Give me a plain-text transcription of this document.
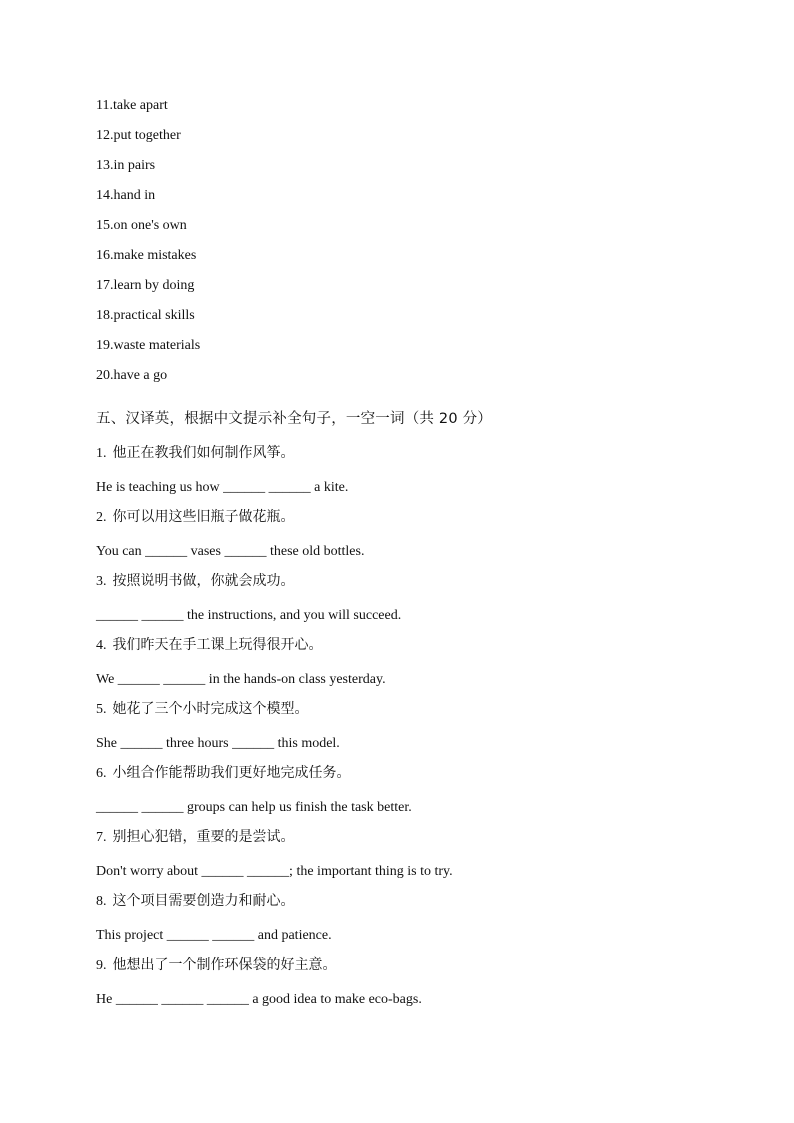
11.take apart
12.put together
13.in pairs
14.hand in
15.on one's own
16.make mistakes
17.learn by doing
18.practical skills
19.waste materials
20.have a go
五、汉译英，根据中文提示补全句子，一空一词（共 20 分）
1. 他正在教我们如何制作风筝。
He is teaching us how ______ ______ a kite.
2. 你可以用这些旧瓶子做花瓶。
You can ______ vases ______ these old bottles.
3. 按照说明书做，你就会成功。
______ ______ the instructions, and you will succeed.
4. 我们昨天在手工课上玩得很开心。
We ______ ______ in the hands-on class yesterday.
5. 她花了三个小时完成这个模型。
She ______ three hours ______ this model.
6. 小组合作能帮助我们更好地完成任务。
______ ______ groups can help us finish the task better.
7. 别担心犯错，重要的是尝试。
Don't worry about ______ ______; the important thing is to try.
8. 这个项目需要创造力和耐心。
This project ______ ______ and patience.
9. 他想出了一个制作环保袋的好主意。
He ______ ______ ______ a good idea to make eco-bags.
